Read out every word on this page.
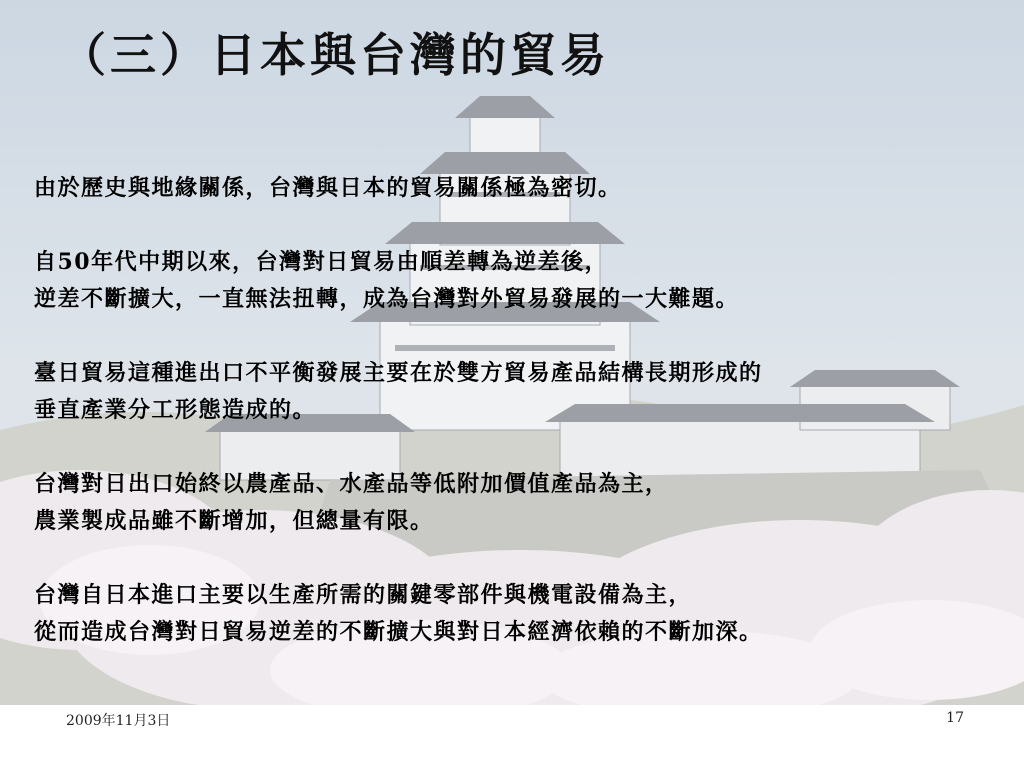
（三）日本與台灣的貿易

由於歷史與地緣關係，台灣與日本的貿易關係極為密切。

自50年代中期以來，台灣對日貿易由順差轉為逆差後，
逆差不斷擴大，一直無法扭轉，成為台灣對外貿易發展的一大難題。

臺日貿易這種進出口不平衡發展主要在於雙方貿易產品結構長期形成的
垂直產業分工形態造成的。

台灣對日出口始終以農產品、水產品等低附加價值產品為主，
農業製成品雖不斷增加，但總量有限。

台灣自日本進口主要以生產所需的關鍵零部件與機電設備為主，
從而造成台灣對日貿易逆差的不斷擴大與對日本經濟依賴的不斷加深。

2009年11月3日	17
